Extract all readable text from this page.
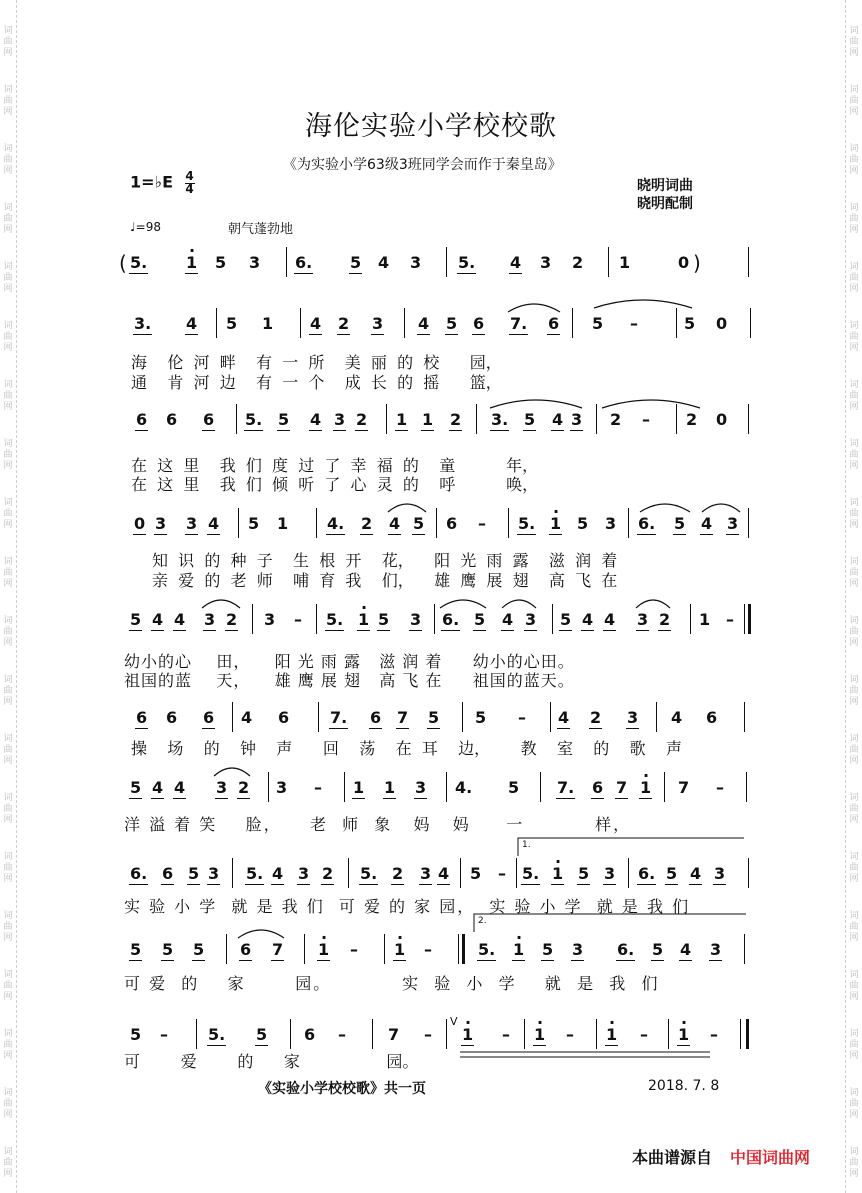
词
曲
网
词
曲
网
词
曲
网
词
曲
网
词
曲
网
词
曲
网
词
曲
网
词
曲
网
词
曲
网
词
曲
网
词
曲
网
词
曲
网
词
曲
网
词
曲
网
词
曲
网
词
曲
网
词
曲
网
词
曲
网
词
曲
网
词
曲
网
词
曲
网
词
曲
网
词
曲
网
词
曲
网
词
曲
网
词
曲
网
词
曲
网
词
曲
网
词
曲
网
词
曲
网
词
曲
网
词
曲
网
词
曲
网
词
曲
网
词
曲
网
词
曲
网
词
曲
网
词
曲
网
词
曲
网
词
曲
网
海伦实验小学校校歌
《为实验小学63级3班同学会而作于秦皇岛》
1=♭E $\frac{4}{4}$	晓明词曲
晓明配制
♩=98	朝气蓬勃地
5. · 1 5 3 6. 5 4 3 5. 4 3 2 1	0
(	)
3. 4 5 1 4 2 3 4 5 6 7. 6 5 –	5 0
6 6 6 5. 5 4 3 2 1 1 2 3. 5 4 3 2 – 2 0
0 3 3 4 5 1 4. 2 4 5 6 – 5. · 1 5 3 6. 5 4 3
5 4 4 3 2 3 – 5. · 1 5 3 6. 5 4 3 5 4 4 3 2 1 –
6 6 6 4 6	7. 6 7 5 5 – 4 2 3 4 6
5 4 4 3 2 3 – 1 1 3 4. 5 7. 6 7 · 1 7 –
6. 6 5 3 5. 4 3 2 5. 2 3 4 5 – 5. · 1 5 3 6. 5 4 3
5 5 5 6 7 · 1 – · 1 –	5. · 1 5 3 6. 5 4 3
5 –	5. 5 6 –	7 – · 1 – · 1 – · 1 – · 1 –
海    伦  河  畔    有  一  所    美  丽  的  校      园，
通    肯  河  边    有  一  个    成  长  的  摇      篮，
在  这  里    我  们  度  过  了  幸  福  的    童          年，
在  这  里    我  们  倾  听  了  心  灵  的    呼          唤，
知  识  的  种  子    生  根  开    花，    阳  光  雨  露    滋  润  着
亲  爱  的  老  师    哺  育  我    们，    雄  鹰  展  翅    高  飞  在
幼小的心    田，    阳 光 雨 露   滋 润 着     幼小的心田。
祖国的蓝    天，    雄 鹰 展 翅   高 飞 在     祖国的蓝天。
操    场    的    钟    声      回    荡    在  耳    边，      教    室    的    歌    声
洋 溢 着 笑    脸，    老  师  象   妈   妈     一          样，
实 验 小 学  就 是 我 们  可 爱 的 家 园，  实 验 小 学  就 是 我 们
可 爱  的    家       园。          实  验  小  学    就  是  我  们
可        爱        的      家                 园。
《实验小学校校歌》共一页	2018. 7. 8
本曲谱源自 中国词曲网
1.
2.
V
